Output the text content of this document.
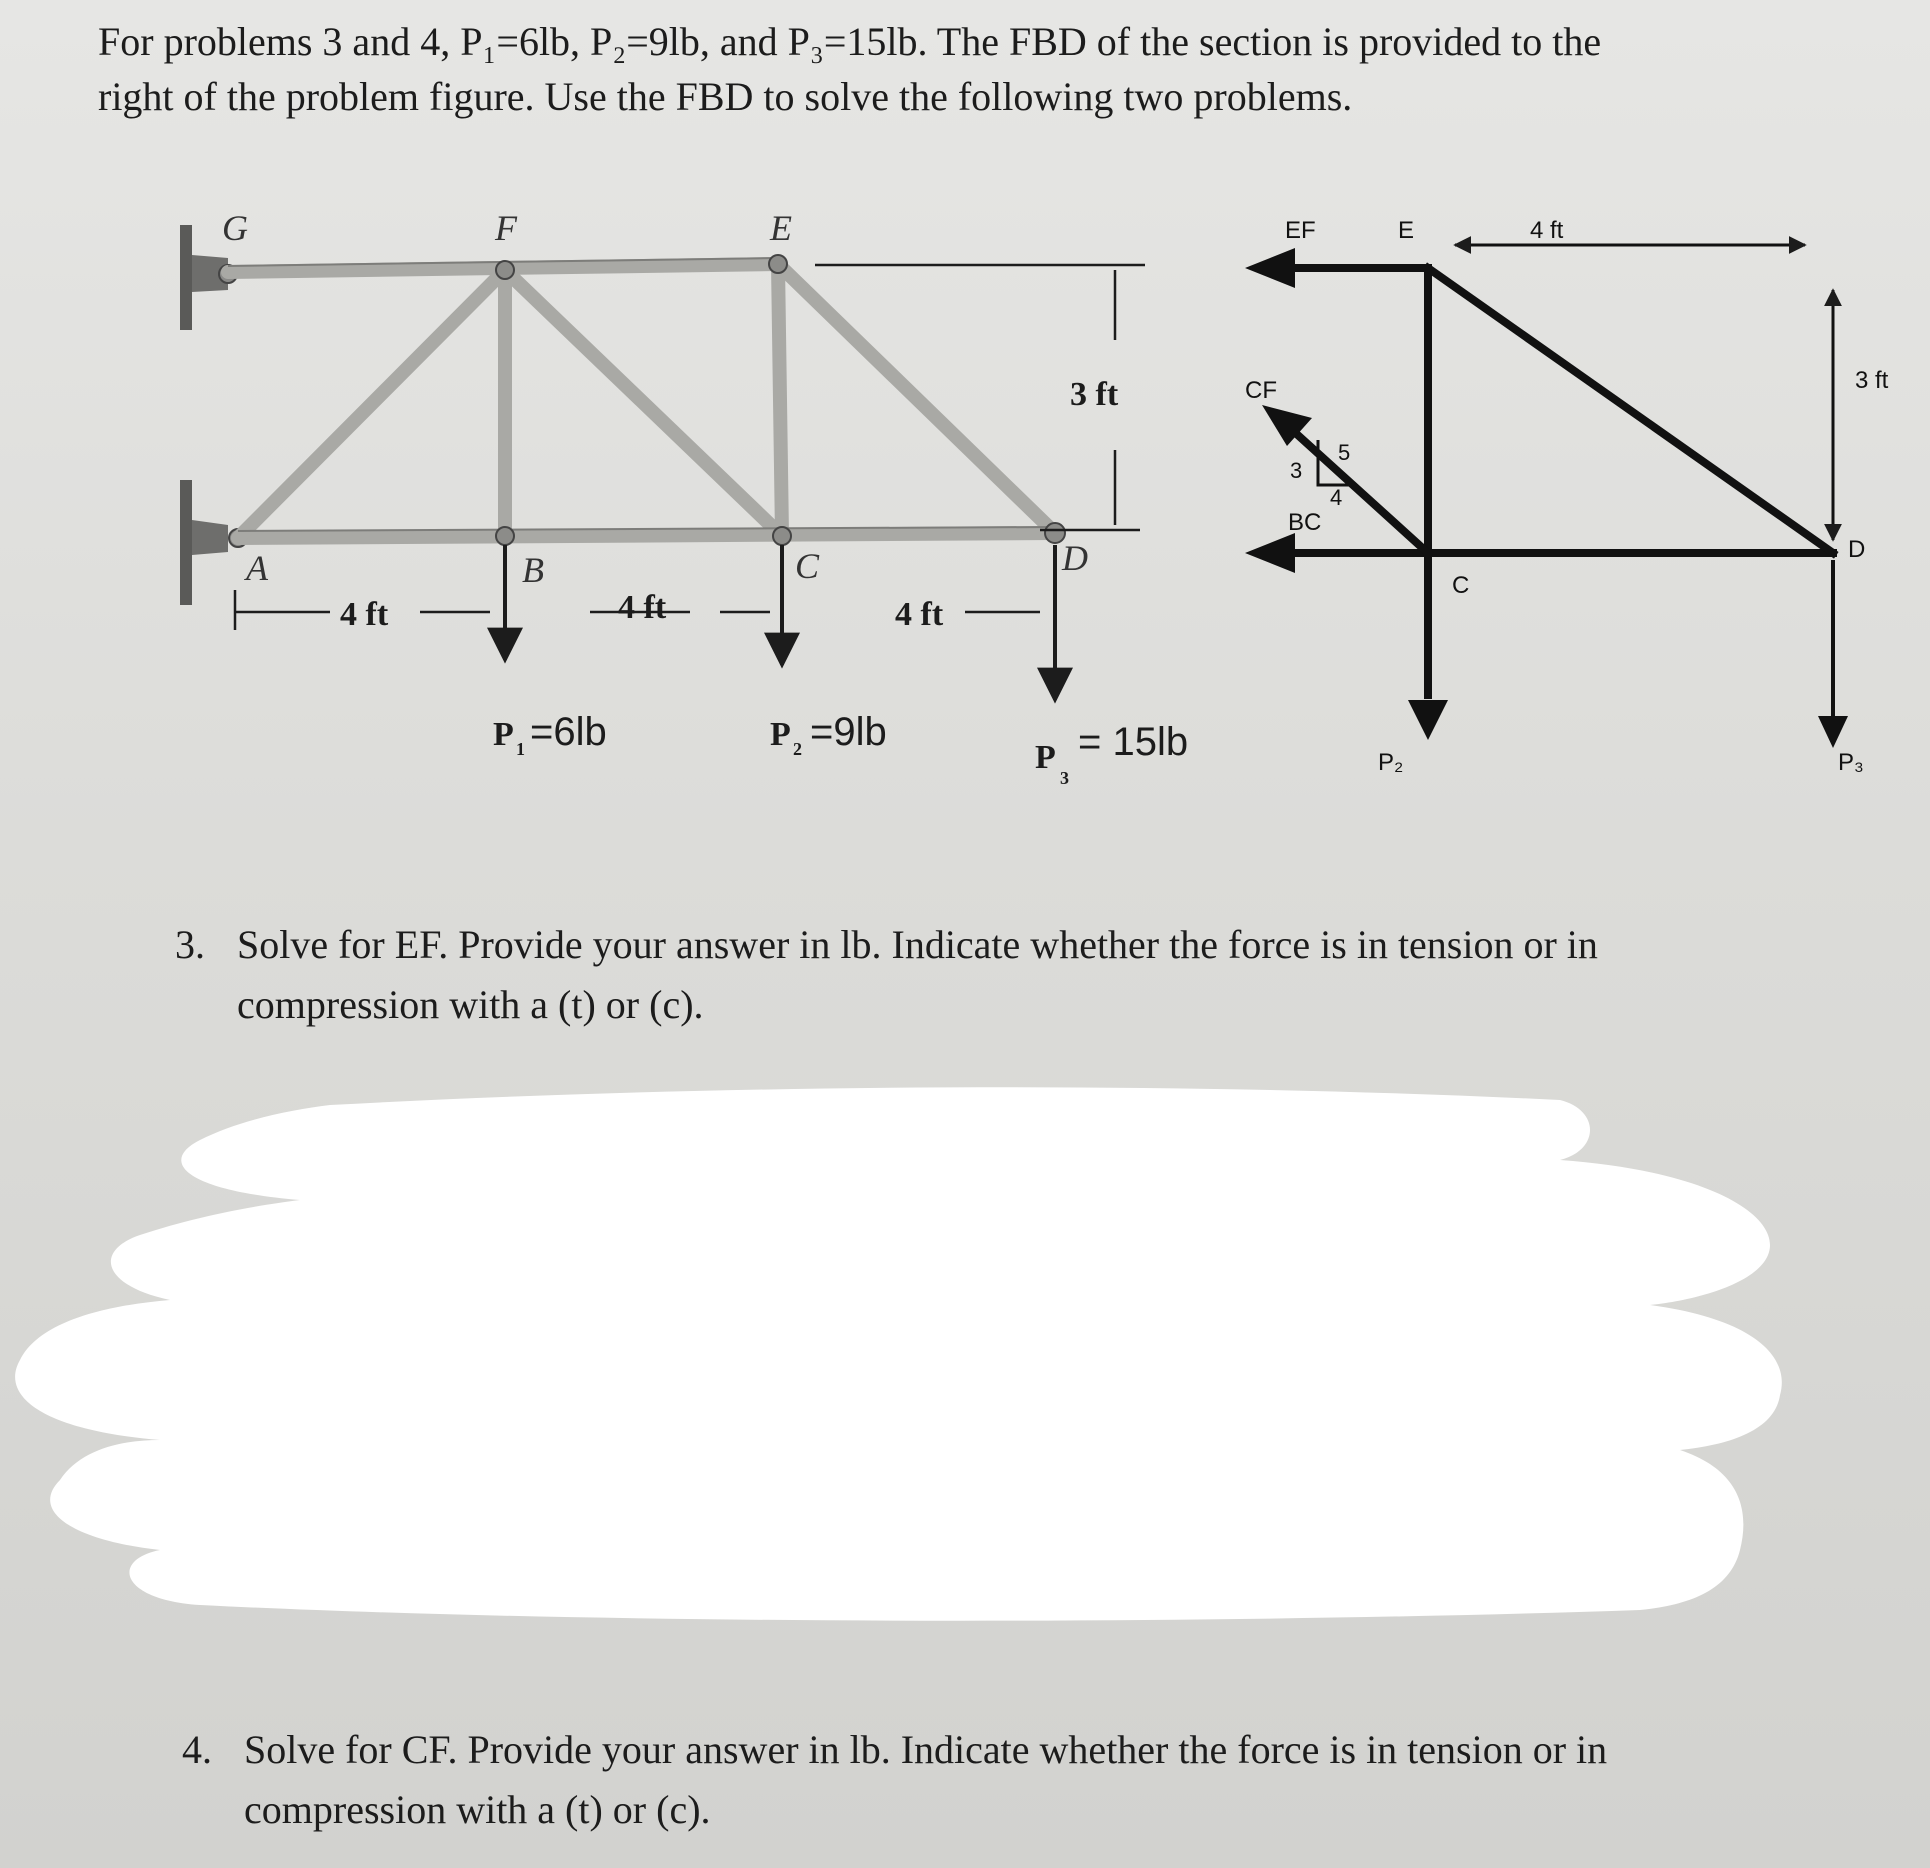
For problems 3 and 4, P₁=6lb, P₂=9lb, and P₃=15lb. The FBD of the section is provided to the
right of the problem figure. Use the FBD to solve the following two problems.
G	F	E
A	B	C	D
4 ft	4 ft	4 ft
3 ft
P 1 =6lb	P 2 =9lb
P
3
= 15lb
EF	E	4 ft
3 ft
CF
BC
C
D
P₂	P₃
3
4
5
3. Solve for EF. Provide your answer in lb. Indicate whether the force is in tension or in
compression with a (t) or (c).
4. Solve for CF. Provide your answer in lb. Indicate whether the force is in tension or in
compression with a (t) or (c).
